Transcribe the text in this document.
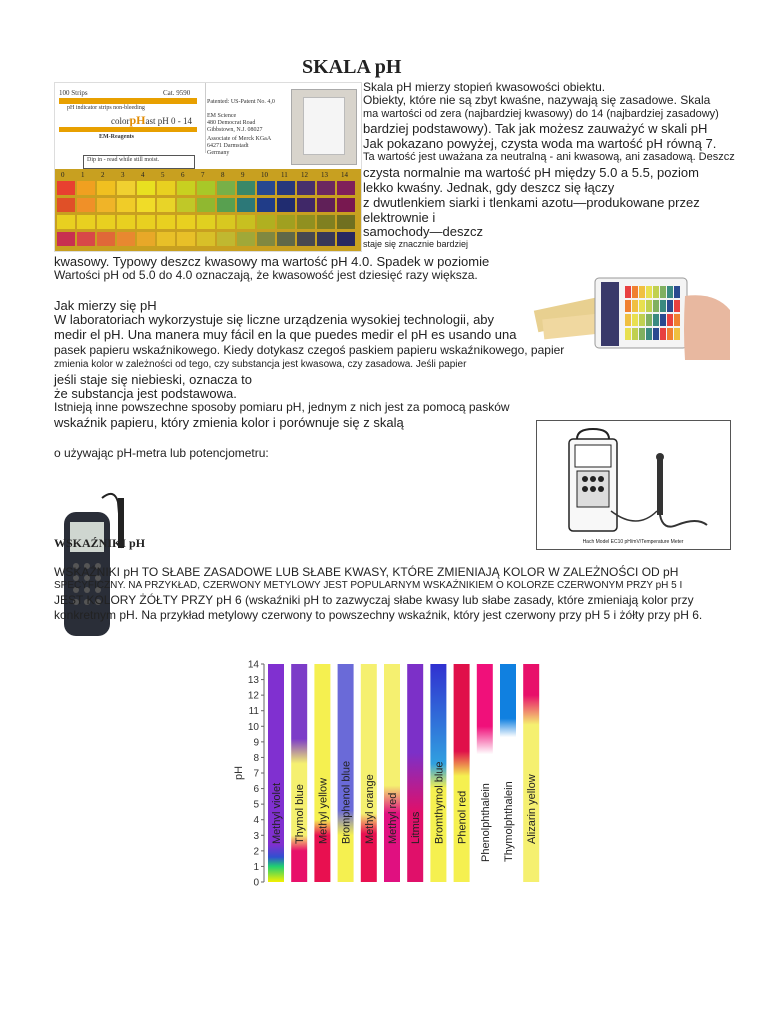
SKALA pH
100 Strips	Cat. 9590
pH indicator strips non-bleeding
colorpHast pH 0 - 14
EM-Reagents
Patented: US-Patent No. 4,0
EM Science
480 Democrat Road
Gibbstown, N.J. 08027
Associate of Merck KGaA
64271 Darmstadt
Germany
Dip in - read while still moist.
0 1 2 3 4 5 6 7 8 9 10 11 12 13 14
Hach Model EC10 pH/mV/Temperature Meter
Skala pH mierzy stopień kwasowości obiektu.
Obiekty, które nie są zbyt kwaśne, nazywają się zasadowe. Skala
ma wartości od zera (najbardziej kwasowy) do 14 (najbardziej zasadowy)
bardziej podstawowy). Tak jak możesz zauważyć w skali pH
Jak pokazano powyżej, czysta woda ma wartość pH równą 7.
Ta wartość jest uważana za neutralną - ani kwasową, ani zasadową. Deszcz
czysta normalnie ma wartość pH między 5.0 a 5.5, poziom
lekko kwaśny. Jednak, gdy deszcz się łączy
z dwutlenkiem siarki i tlenkami azotu—produkowane przez
elektrownie i
samochody—deszcz
staje się znacznie bardziej
kwasowy. Typowy deszcz kwasowy ma wartość pH 4.0. Spadek w poziomie
Wartości pH od 5.0 do 4.0 oznaczają, że kwasowość jest dziesięć razy większa.
Jak mierzy się pH
W laboratoriach wykorzystuje się liczne urządzenia wysokiej technologii, aby
medir el pH. Una manera muy fácil en la que puedes medir el pH es usando una
pasek papieru wskaźnikowego. Kiedy dotykasz czegoś paskiem papieru wskaźnikowego, papier
zmienia kolor w zależności od tego, czy substancja jest kwasowa, czy zasadowa. Jeśli papier
jeśli staje się niebieski, oznacza to
że substancja jest podstawowa.
Istnieją inne powszechne sposoby pomiaru pH, jednym z nich jest za pomocą pasków
wskaźnik papieru, który zmienia kolor i porównuje się z skalą
o używając pH-metra lub potencjometru:
WSKAŹNIKI pH
WSKAŹNIKI pH TO SŁABE ZASADOWE LUB SŁABE KWASY, KTÓRE ZMIENIAJĄ KOLOR W ZALEŻNOŚCI OD pH
SPECYFICZNY. NA PRZYKŁAD, CZERWONY METYLOWY JEST POPULARNYM WSKAŹNIKIEM O KOLORZE CZERWONYM PRZY pH 5 I
JEST KOLORY ŻÓŁTY PRZY pH 6 (wskaźniki pH to zazwyczaj słabe kwasy lub słabe zasady, które zmieniają kolor przy
konkretnym pH. Na przykład metylowy czerwony to powszechny wskaźnik, który jest czerwony przy pH 5 i żółty przy pH 6.
0
1
2
3
4
5
6
7
8
9
10
11
12
13
14
pH
Methyl violet Thymol blue Methyl yellow Bromphenol blue Methyl orange Methyl red Litmus Bromthymol blue Phenol red Phenolphthalein Thymolphthalein Alizarin yellow
